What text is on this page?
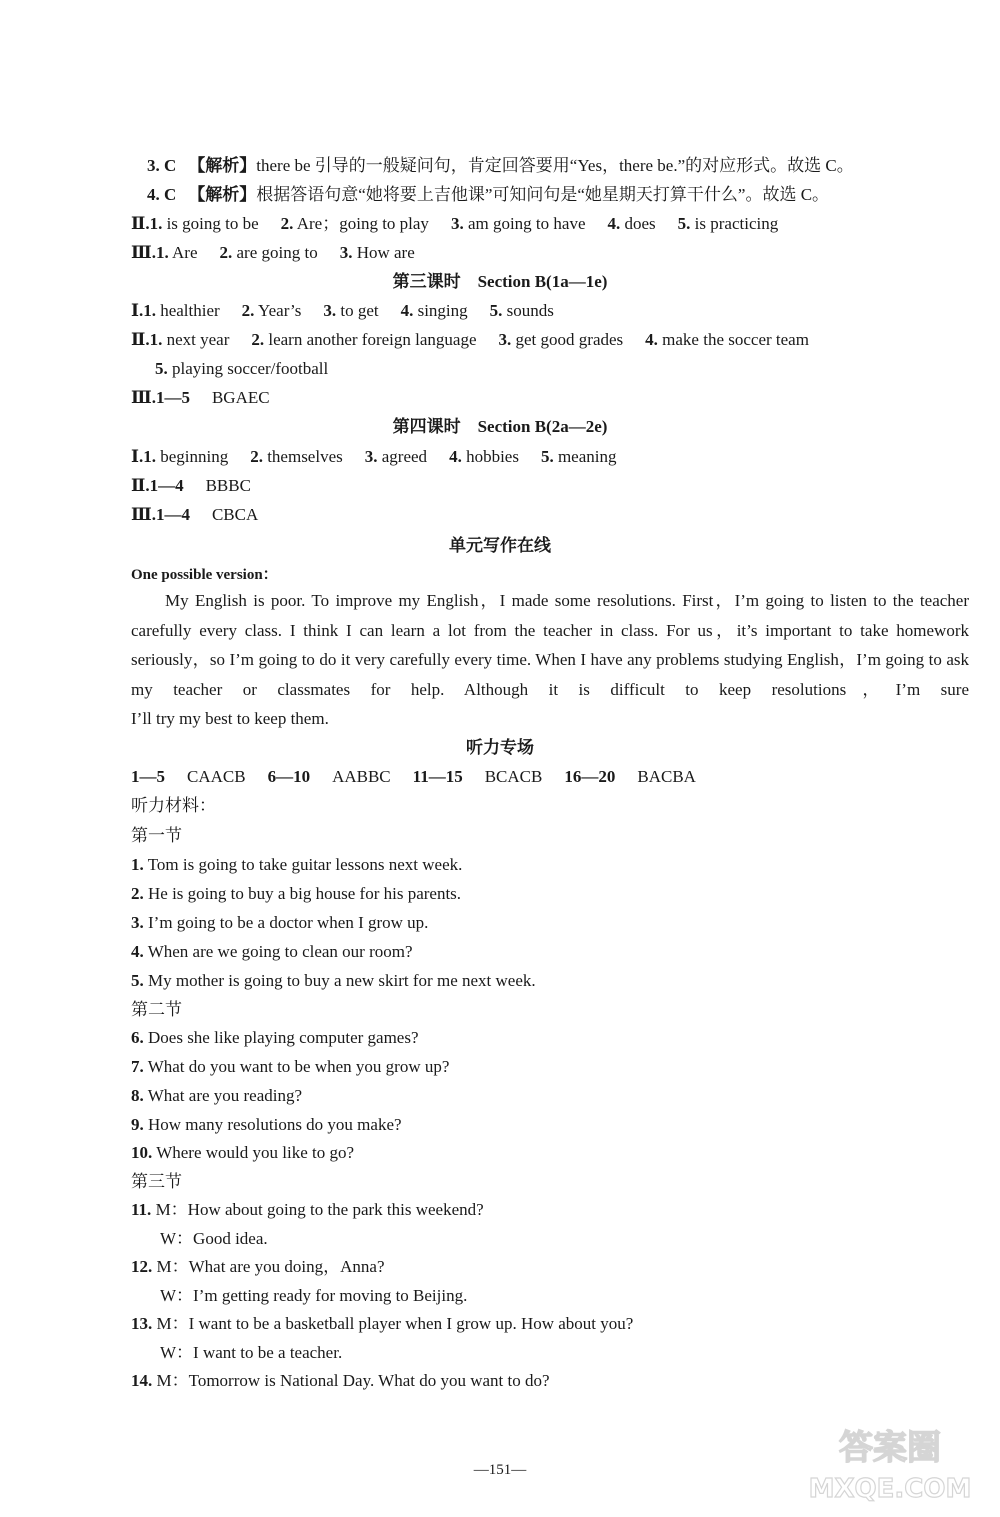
3. C 【解析】there be 引导的一般疑问句，肯定回答要用“Yes，there be.”的对应形式。故选 C。
4. C 【解析】根据答语句意“她将要上吉他课”可知问句是“她星期天打算干什么”。故选 C。
Ⅱ.1. is going to be 2. Are；going to play 3. am going to have 4. does 5. is practicing
Ⅲ.1. Are 2. are going to 3. How are
第三课时　Section B(1a—1e)
Ⅰ.1. healthier 2. Year’s 3. to get 4. singing 5. sounds
Ⅱ.1. next year 2. learn another foreign language 3. get good grades 4. make the soccer team
5. playing soccer/football
Ⅲ.1—5 BGAEC
第四课时　Section B(2a—2e)
Ⅰ.1. beginning 2. themselves 3. agreed 4. hobbies 5. meaning
Ⅱ.1—4 BBBC
Ⅲ.1—4 CBCA
单元写作在线
One possible version：
My English is poor. To improve my English，I made some resolutions. First，I’m going to listen to the teacher carefully every class. I think I can learn a lot from the teacher in class. For us，it’s important to take homework seriously，so I’m going to do it very carefully every time. When I have any problems studying English，I’m going to ask my teacher or classmates for help. Although it is difficult to keep resolutions，I’m sure
I’ll try my best to keep them.
听力专场
1—5 CAACB 6—10 AABBC 11—15 BCACB 16—20 BACBA
听力材料：
第一节
1. Tom is going to take guitar lessons next week.
2. He is going to buy a big house for his parents.
3. I’m going to be a doctor when I grow up.
4. When are we going to clean our room?
5. My mother is going to buy a new skirt for me next week.
第二节
6. Does she like playing computer games?
7. What do you want to be when you grow up?
8. What are you reading?
9. How many resolutions do you make?
10. Where would you like to go?
第三节
11. M：How about going to the park this weekend?
W：Good idea.
12. M：What are you doing，Anna?
W：I’m getting ready for moving to Beijing.
13. M：I want to be a basketball player when I grow up. How about you?
W：I want to be a teacher.
14. M：Tomorrow is National Day. What do you want to do?
—151—
答案圈
MXQE.COM
